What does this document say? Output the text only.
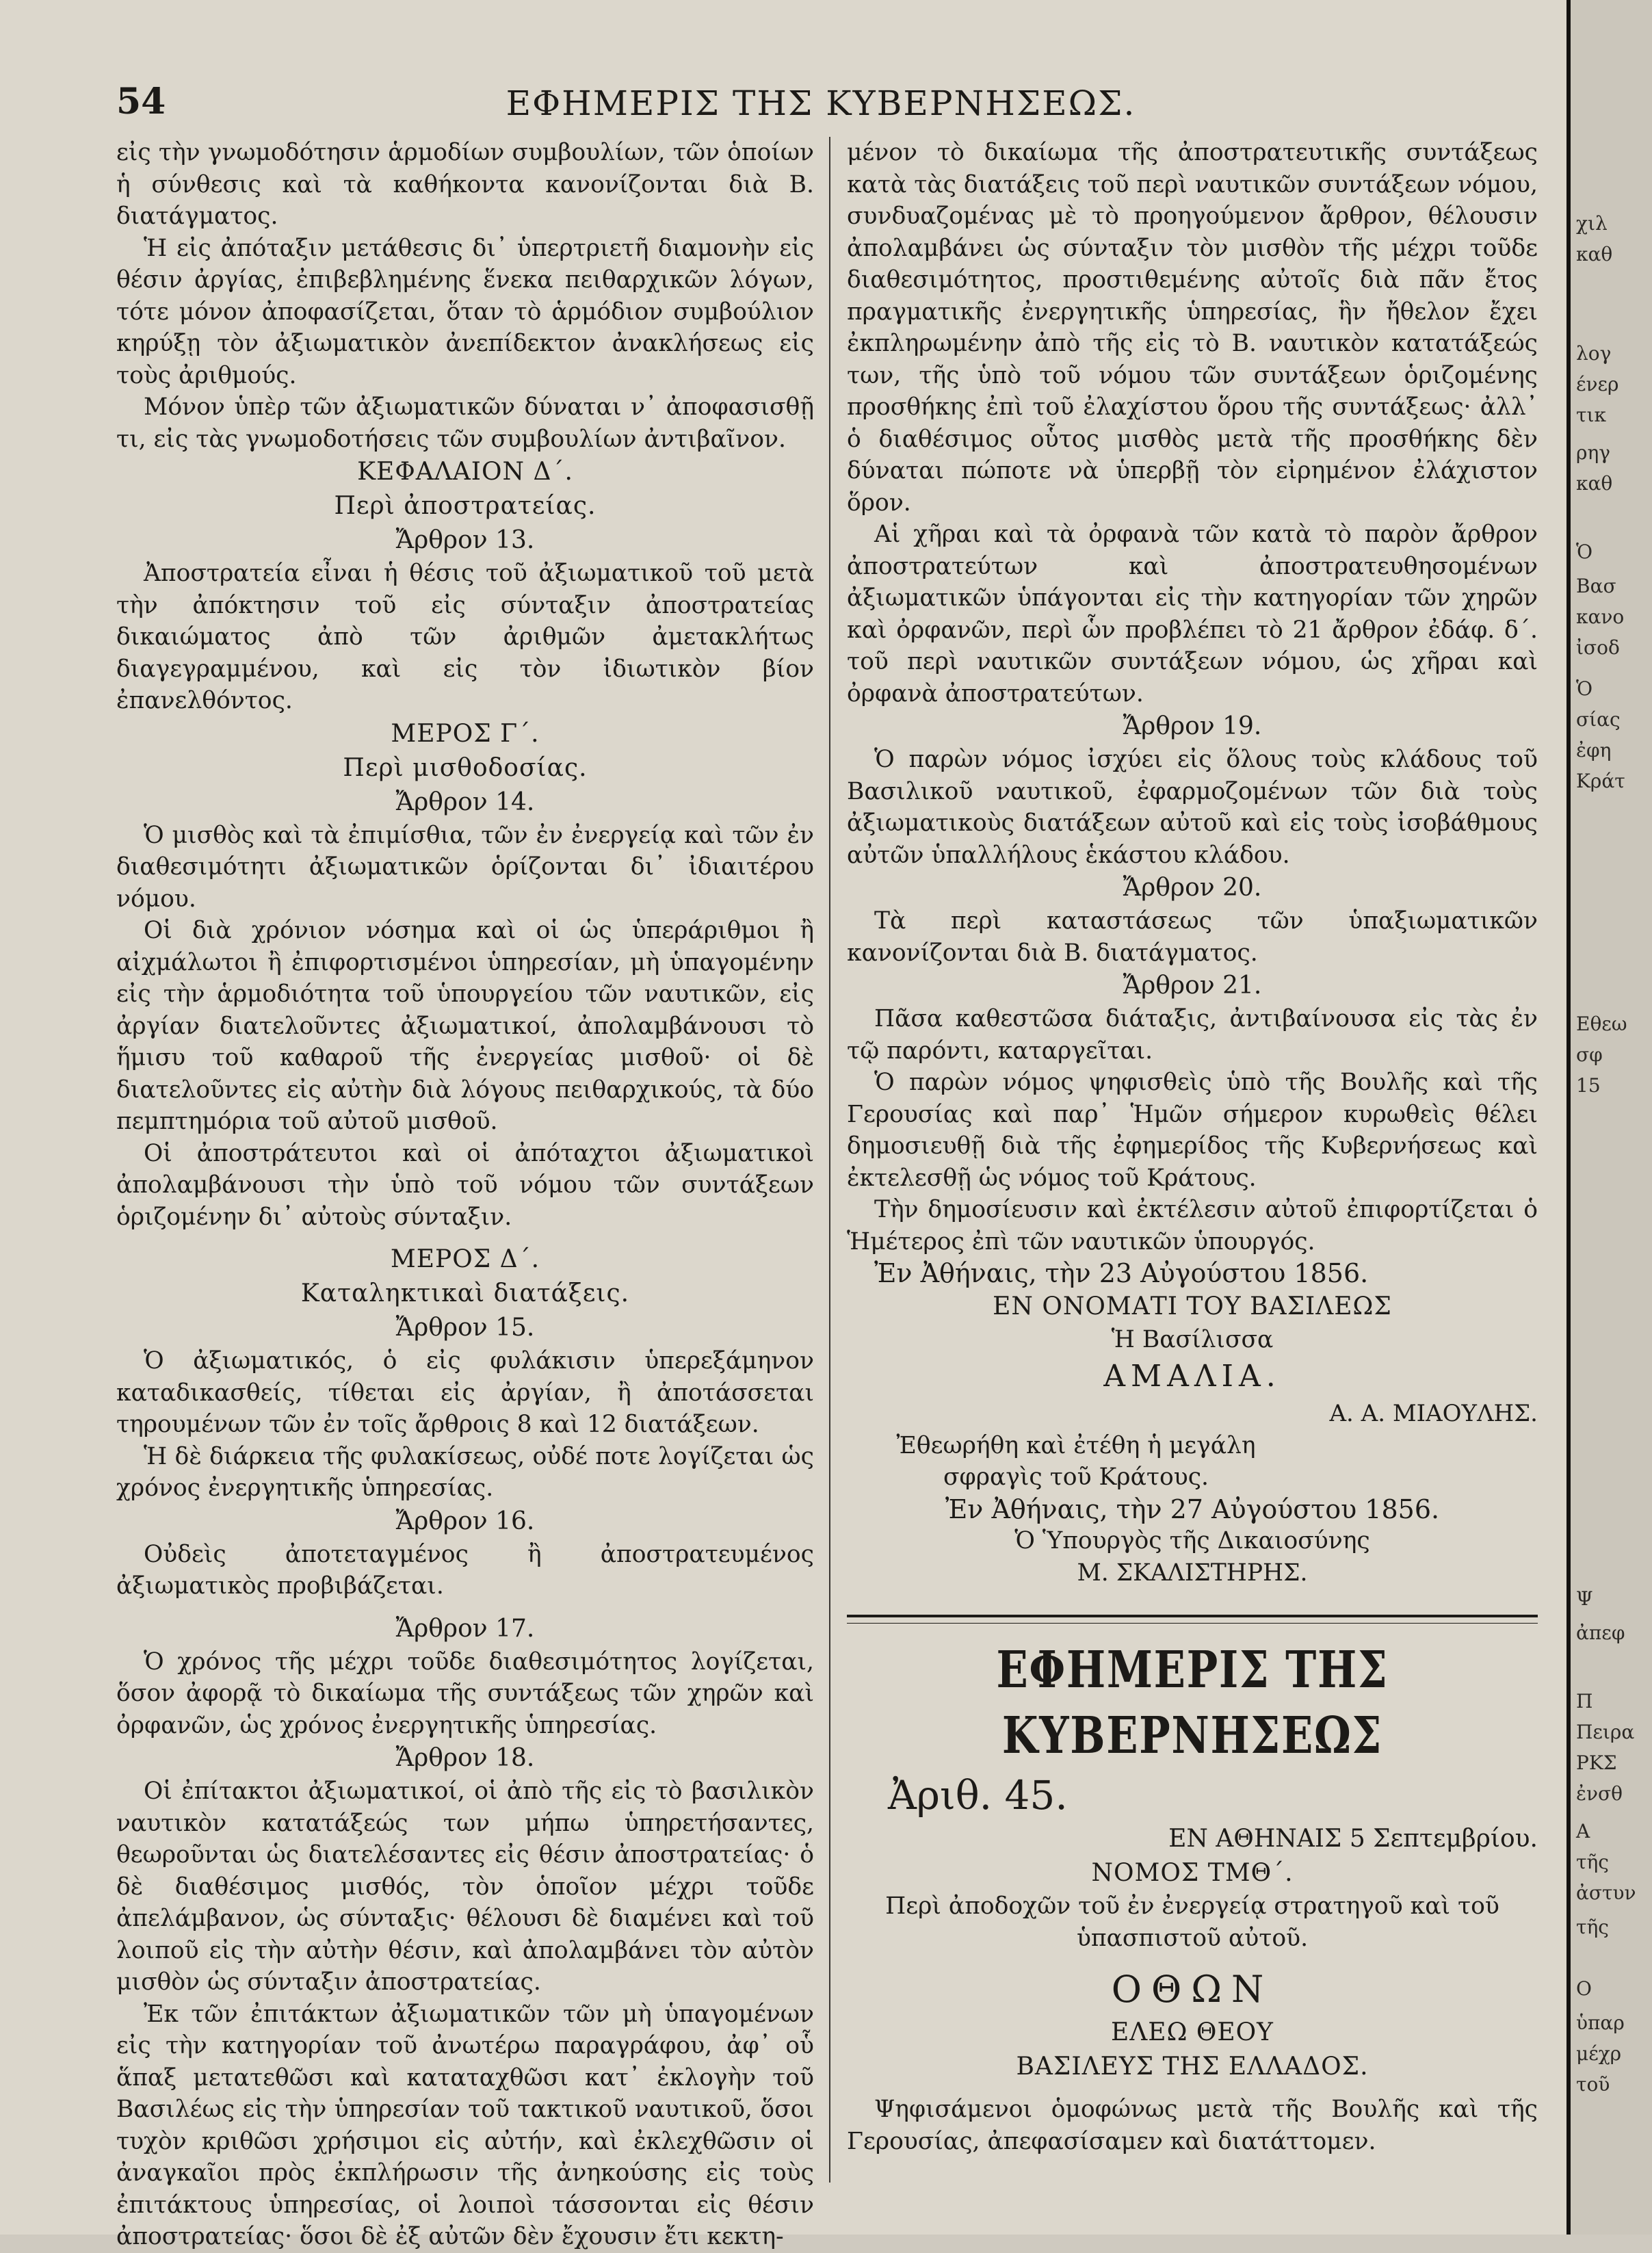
54	ΕΦΗΜΕΡΙΣ ΤΗΣ ΚΥΒΕΡΝΗΣΕΩΣ.

εἰς τὴν γνωμοδότησιν ἁρμοδίων συμβουλίων, τῶν ὁποίων ἡ σύνθεσις καὶ τὰ καθήκοντα κανονίζονται διὰ Β. διατάγματος.

Ἡ εἰς ἀπόταξιν μετάθεσις δι᾽ ὑπερτριετῆ διαμονὴν εἰς θέσιν ἀργίας, ἐπιβεβλημένης ἕνεκα πειθαρχικῶν λόγων, τότε μόνον ἀποφασίζεται, ὅταν τὸ ἁρμόδιον συμβούλιον κηρύξῃ τὸν ἀξιωματικὸν ἀνεπίδεκτον ἀνακλήσεως εἰς τοὺς ἀριθμούς.

Μόνον ὑπὲρ τῶν ἀξιωματικῶν δύναται ν᾽ ἀποφασισθῇ τι, εἰς τὰς γνωμοδοτήσεις τῶν συμβουλίων ἀντιβαῖνον.

ΚΕΦΑΛΑΙΟΝ Δ΄.

Περὶ ἀποστρατείας.

Ἄρθρον 13.

Ἀποστρατεία εἶναι ἡ θέσις τοῦ ἀξιωματικοῦ τοῦ μετὰ τὴν ἀπόκτησιν τοῦ εἰς σύνταξιν ἀποστρατείας δικαιώματος ἀπὸ τῶν ἀριθμῶν ἀμετακλήτως διαγεγραμμένου, καὶ εἰς τὸν ἰδιωτικὸν βίον ἐπανελθόντος.

ΜΕΡΟΣ Γ΄.

Περὶ μισθοδοσίας.

Ἄρθρον 14.

Ὁ μισθὸς καὶ τὰ ἐπιμίσθια, τῶν ἐν ἐνεργείᾳ καὶ τῶν ἐν διαθεσιμότητι ἀξιωματικῶν ὁρίζονται δι᾽ ἰδιαιτέρου νόμου.

Οἱ διὰ χρόνιον νόσημα καὶ οἱ ὡς ὑπεράριθμοι ἢ αἰχμάλωτοι ἢ ἐπιφορτισμένοι ὑπηρεσίαν, μὴ ὑπαγομένην εἰς τὴν ἁρμοδιότητα τοῦ ὑπουργείου τῶν ναυτικῶν, εἰς ἀργίαν διατελοῦντες ἀξιωματικοί, ἀπολαμβάνουσι τὸ ἥμισυ τοῦ καθαροῦ τῆς ἐνεργείας μισθοῦ· οἱ δὲ διατελοῦντες εἰς αὐτὴν διὰ λόγους πειθαρχικούς, τὰ δύο πεμπτημόρια τοῦ αὐτοῦ μισθοῦ.

Οἱ ἀποστράτευτοι καὶ οἱ ἀπόταχτοι ἀξιωματικοὶ ἀπολαμβάνουσι τὴν ὑπὸ τοῦ νόμου τῶν συντάξεων ὁριζομένην δι᾽ αὐτοὺς σύνταξιν.

ΜΕΡΟΣ Δ΄.

Καταληκτικαὶ διατάξεις.

Ἄρθρον 15.

Ὁ ἀξιωματικός, ὁ εἰς φυλάκισιν ὑπερεξάμηνον καταδικασθείς, τίθεται εἰς ἀργίαν, ἢ ἀποτάσσεται τηρουμένων τῶν ἐν τοῖς ἄρθροις 8 καὶ 12 διατάξεων.

Ἡ δὲ διάρκεια τῆς φυλακίσεως, οὐδέ ποτε λογίζεται ὡς χρόνος ἐνεργητικῆς ὑπηρεσίας.

Ἄρθρον 16.

Οὐδεὶς ἀποτεταγμένος ἢ ἀποστρατευμένος ἀξιωματικὸς προβιβάζεται.

Ἄρθρον 17.

Ὁ χρόνος τῆς μέχρι τοῦδε διαθεσιμότητος λογίζεται, ὅσον ἀφορᾷ τὸ δικαίωμα τῆς συντάξεως τῶν χηρῶν καὶ ὀρφανῶν, ὡς χρόνος ἐνεργητικῆς ὑπηρεσίας.

Ἄρθρον 18.

Οἱ ἐπίτακτοι ἀξιωματικοί, οἱ ἀπὸ τῆς εἰς τὸ βασιλικὸν ναυτικὸν κατατάξεώς των μήπω ὑπηρετήσαντες, θεωροῦνται ὡς διατελέσαντες εἰς θέσιν ἀποστρατείας· ὁ δὲ διαθέσιμος μισθός, τὸν ὁποῖον μέχρι τοῦδε ἀπελάμβανον, ὡς σύνταξις· θέλουσι δὲ διαμένει καὶ τοῦ λοιποῦ εἰς τὴν αὐτὴν θέσιν, καὶ ἀπολαμβάνει τὸν αὐτὸν μισθὸν ὡς σύνταξιν ἀποστρατείας.

Ἐκ τῶν ἐπιτάκτων ἀξιωματικῶν τῶν μὴ ὑπαγομένων εἰς τὴν κατηγορίαν τοῦ ἀνωτέρω παραγράφου, ἀφ᾽ οὗ ἅπαξ μετατεθῶσι καὶ καταταχθῶσι κατ᾽ ἐκλογὴν τοῦ Βασιλέως εἰς τὴν ὑπηρεσίαν τοῦ τακτικοῦ ναυτικοῦ, ὅσοι τυχὸν κριθῶσι χρήσιμοι εἰς αὐτήν, καὶ ἐκλεχθῶσιν οἱ ἀναγκαῖοι πρὸς ἐκπλήρωσιν τῆς ἀνηκούσης εἰς τοὺς ἐπιτάκτους ὑπηρεσίας, οἱ λοιποὶ τάσσονται εἰς θέσιν ἀποστρατείας· ὅσοι δὲ ἐξ αὐτῶν δὲν ἔχουσιν ἔτι κεκτη-

μένον τὸ δικαίωμα τῆς ἀποστρατευτικῆς συντάξεως κατὰ τὰς διατάξεις τοῦ περὶ ναυτικῶν συντάξεων νόμου, συνδυαζομένας μὲ τὸ προηγούμενον ἄρθρον, θέλουσιν ἀπολαμβάνει ὡς σύνταξιν τὸν μισθὸν τῆς μέχρι τοῦδε διαθεσιμότητος, προστιθεμένης αὐτοῖς διὰ πᾶν ἔτος πραγματικῆς ἐνεργητικῆς ὑπηρεσίας, ἣν ἤθελον ἔχει ἐκπληρωμένην ἀπὸ τῆς εἰς τὸ Β. ναυτικὸν κατατάξεώς των, τῆς ὑπὸ τοῦ νόμου τῶν συντάξεων ὁριζομένης προσθήκης ἐπὶ τοῦ ἐλαχίστου ὅρου τῆς συντάξεως· ἀλλ᾽ ὁ διαθέσιμος οὗτος μισθὸς μετὰ τῆς προσθήκης δὲν δύναται πώποτε νὰ ὑπερβῇ τὸν εἰρημένον ἐλάχιστον ὅρον.

Αἱ χῆραι καὶ τὰ ὀρφανὰ τῶν κατὰ τὸ παρὸν ἄρθρον ἀποστρατεύτων καὶ ἀποστρατευθησομένων ἀξιωματικῶν ὑπάγονται εἰς τὴν κατηγορίαν τῶν χηρῶν καὶ ὀρφανῶν, περὶ ὧν προβλέπει τὸ 21 ἄρθρον ἐδάφ. δ΄. τοῦ περὶ ναυτικῶν συντάξεων νόμου, ὡς χῆραι καὶ ὀρφανὰ ἀποστρατεύτων.

Ἄρθρον 19.

Ὁ παρὼν νόμος ἰσχύει εἰς ὅλους τοὺς κλάδους τοῦ Βασιλικοῦ ναυτικοῦ, ἐφαρμοζομένων τῶν διὰ τοὺς ἀξιωματικοὺς διατάξεων αὐτοῦ καὶ εἰς τοὺς ἰσοβάθμους αὐτῶν ὑπαλλήλους ἑκάστου κλάδου.

Ἄρθρον 20.

Τὰ περὶ καταστάσεως τῶν ὑπαξιωματικῶν κανονίζονται διὰ Β. διατάγματος.

Ἄρθρον 21.

Πᾶσα καθεστῶσα διάταξις, ἀντιβαίνουσα εἰς τὰς ἐν τῷ παρόντι, καταργεῖται.

Ὁ παρὼν νόμος ψηφισθεὶς ὑπὸ τῆς Βουλῆς καὶ τῆς Γερουσίας καὶ παρ᾽ Ἡμῶν σήμερον κυρωθεὶς θέλει δημοσιευθῇ διὰ τῆς ἐφημερίδος τῆς Κυβερνήσεως καὶ ἐκτελεσθῇ ὡς νόμος τοῦ Κράτους.

Τὴν δημοσίευσιν καὶ ἐκτέλεσιν αὐτοῦ ἐπιφορτίζεται ὁ Ἡμέτερος ἐπὶ τῶν ναυτικῶν ὑπουργός.

Ἐν Ἀθήναις, τὴν 23 Αὐγούστου 1856.

ΕΝ ΟΝΟΜΑΤΙ ΤΟΥ ΒΑΣΙΛΕΩΣ

Ἡ Βασίλισσα

ΑΜΑΛΙΑ.

Α. Α. ΜΙΑΟΥΛΗΣ.

Ἐθεωρήθη καὶ ἐτέθη ἡ μεγάλη σφραγὶς τοῦ Κράτους.

Ἐν Ἀθήναις, τὴν 27 Αὐγούστου 1856.

Ὁ Ὑπουργὸς τῆς Δικαιοσύνης

Μ. ΣΚΑΛΙΣΤΗΡΗΣ.

ΕΦΗΜΕΡΙΣ ΤΗΣ ΚΥΒΕΡΝΗΣΕΩΣ
Ἀριθ. 45.

ΕΝ ΑΘΗΝΑΙΣ 5 Σεπτεμβρίου.

ΝΟΜΟΣ ΤΜΘ΄.

Περὶ ἀποδοχῶν τοῦ ἐν ἐνεργείᾳ στρατηγοῦ καὶ τοῦ ὑπασπιστοῦ αὐτοῦ.

ΟΘΩΝ

ΕΛΕΩ ΘΕΟΥ

ΒΑΣΙΛΕΥΣ ΤΗΣ ΕΛΛΑΔΟΣ.

Ψηφισάμενοι ὁμοφώνως μετὰ τῆς Βουλῆς καὶ τῆς Γερουσίας, ἀπεφασίσαμεν καὶ διατάττομεν.

χιλ
καθ
λογ
ένερ
τικ
ρηγ
καθ
Ὁ
Βασ
κανο
ἰσοδ
Ὁ
σίας
ἐφη
Κράτ
Εθεω
σφ
15
Ψ
ἀπεφ
Π
Πειρα
ΡΚΣ
ἐνσθ
Α
τῆς
ἀστυν
τῆς
Ο
ὑπαρ
μέχρ
τοῦ
